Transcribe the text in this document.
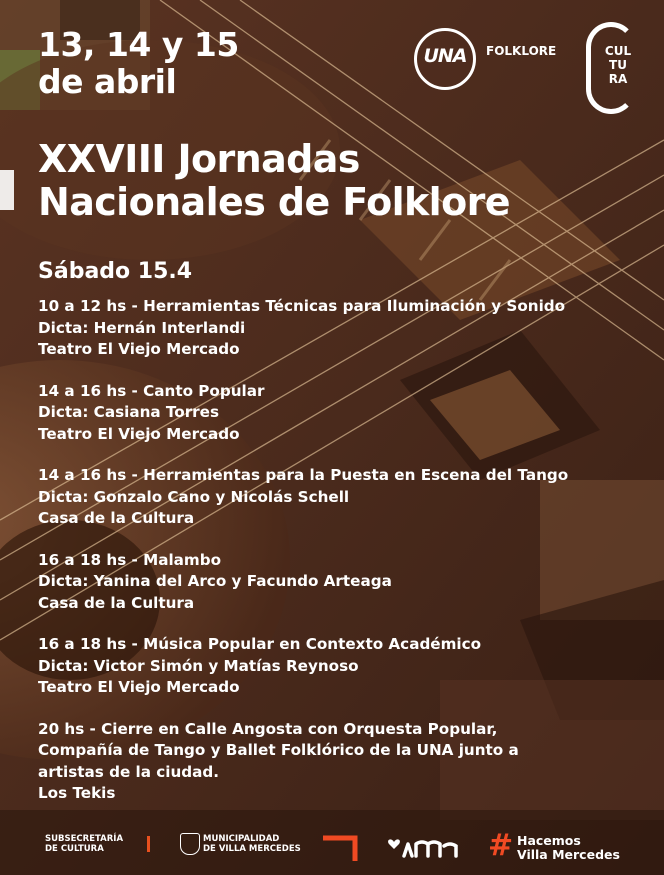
13, 14 y 15
de abril
UNA	FOLKLORE	CUL
TU
RA
XXVIII Jornadas
Nacionales de Folklore
Sábado 15.4
10 a 12 hs - Herramientas Técnicas para Iluminación y Sonido
Dicta: Hernán Interlandi
Teatro El Viejo Mercado
14 a 16 hs - Canto Popular
Dicta: Casiana Torres
Teatro El Viejo Mercado
14 a 16 hs - Herramientas para la Puesta en Escena del Tango
Dicta: Gonzalo Cano y Nicolás Schell
Casa de la Cultura
16 a 18 hs - Malambo
Dicta: Yanina del Arco y Facundo Arteaga
Casa de la Cultura
16 a 18 hs - Música Popular en Contexto Académico
Dicta: Victor Simón y Matías Reynoso
Teatro El Viejo Mercado
20 hs - Cierre en Calle Angosta con Orquesta Popular,
Compañía de Tango y Ballet Folklórico de la UNA junto a
artistas de la ciudad.
Los Tekis
SUBSECRETARÍA
DE CULTURA
MUNICIPALIDAD
DE VILLA MERCEDES	# Hacemos
Villa Mercedes
